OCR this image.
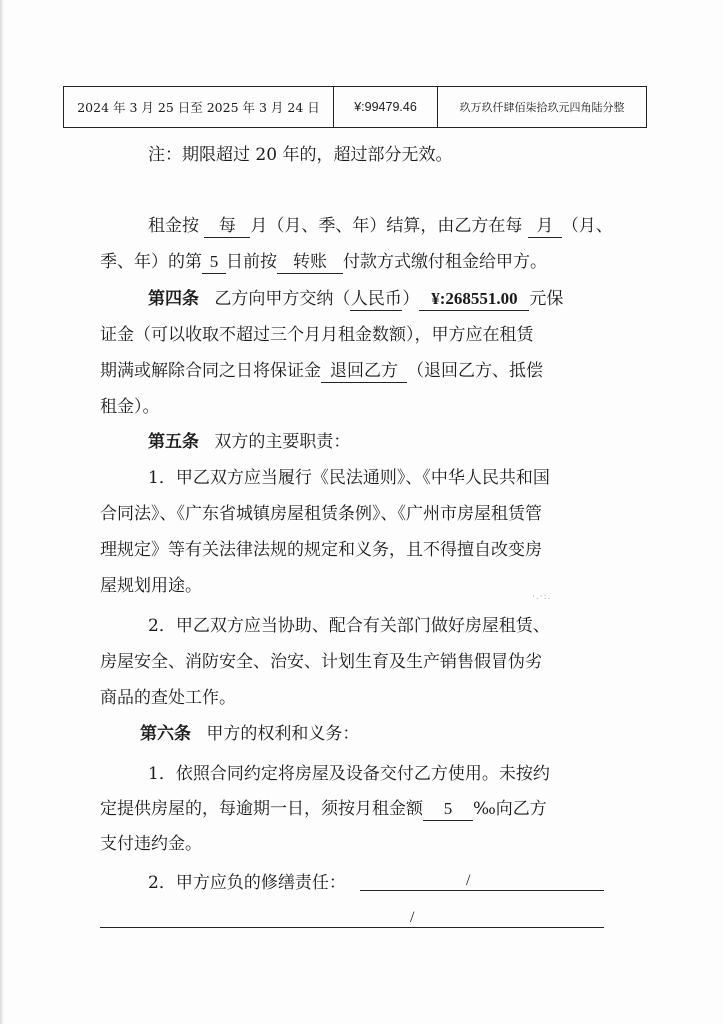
2024 年 3 月 25 日至 2025 年 3 月 24 日	¥:99479.46	玖万玖仟肆佰柒拾玖元四角陆分整
注：期限超过 20 年的，超过部分无效。
租金按 每 月（月、季、年）结算，由乙方在每 月 （月、
季、年）的第 5 日前按 转账 付款方式缴付租金给甲方。
第四条 乙方向甲方交纳（人民币） ¥:268551.00 元保
证金（可以收取不超过三个月月租金数额），甲方应在租赁
期满或解除合同之日将保证金 退回乙方 （退回乙方、抵偿
租金）。
第五条 双方的主要职责：
1．甲乙双方应当履行《民法通则》、《中华人民共和国
合同法》、《广东省城镇房屋租赁条例》、《广州市房屋租赁管
理规定》等有关法律法规的规定和义务，且不得擅自改变房
屋规划用途。
·.·:.
2．甲乙双方应当协助、配合有关部门做好房屋租赁、
房屋安全、消防安全、治安、计划生育及生产销售假冒伪劣
商品的查处工作。
第六条 甲方的权利和义务：
1．依照合同约定将房屋及设备交付乙方使用。未按约
定提供房屋的，每逾期一日，须按月租金额 5 ‰向乙方
支付违约金。
2．甲方应负的修缮责任：	/
/
